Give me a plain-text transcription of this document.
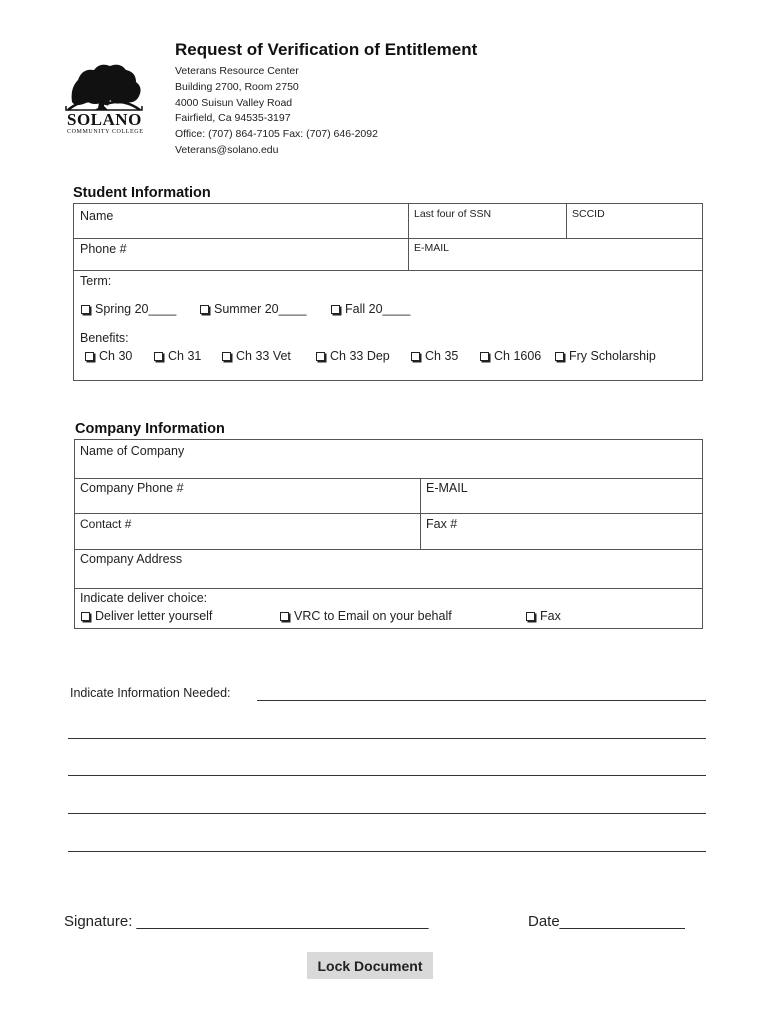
SOLANO
COMMUNITY COLLEGE
Request of Verification of Entitlement
Veterans Resource Center
Building 2700, Room 2750
4000 Suisun Valley Road
Fairfield, Ca 94535-3197
Office: (707) 864-7105 Fax: (707) 646-2092
Veterans@solano.edu
Student Information
Name	Last four of SSN	SCCID
Phone #	E-MAIL
Term:
Spring 20____	Summer 20____	Fall 20____
Benefits:
Ch 30	Ch 31	Ch 33 Vet	Ch 33 Dep	Ch 35	Ch 1606	Fry Scholarship
Company Information
Name of Company
Company Phone #	E-MAIL
Contact #	Fax #
Company Address
Indicate deliver choice:
Deliver letter yourself	VRC to Email on your behalf	Fax
Indicate Information Needed:
Signature: ___________________________________	Date_______________
Lock Document
